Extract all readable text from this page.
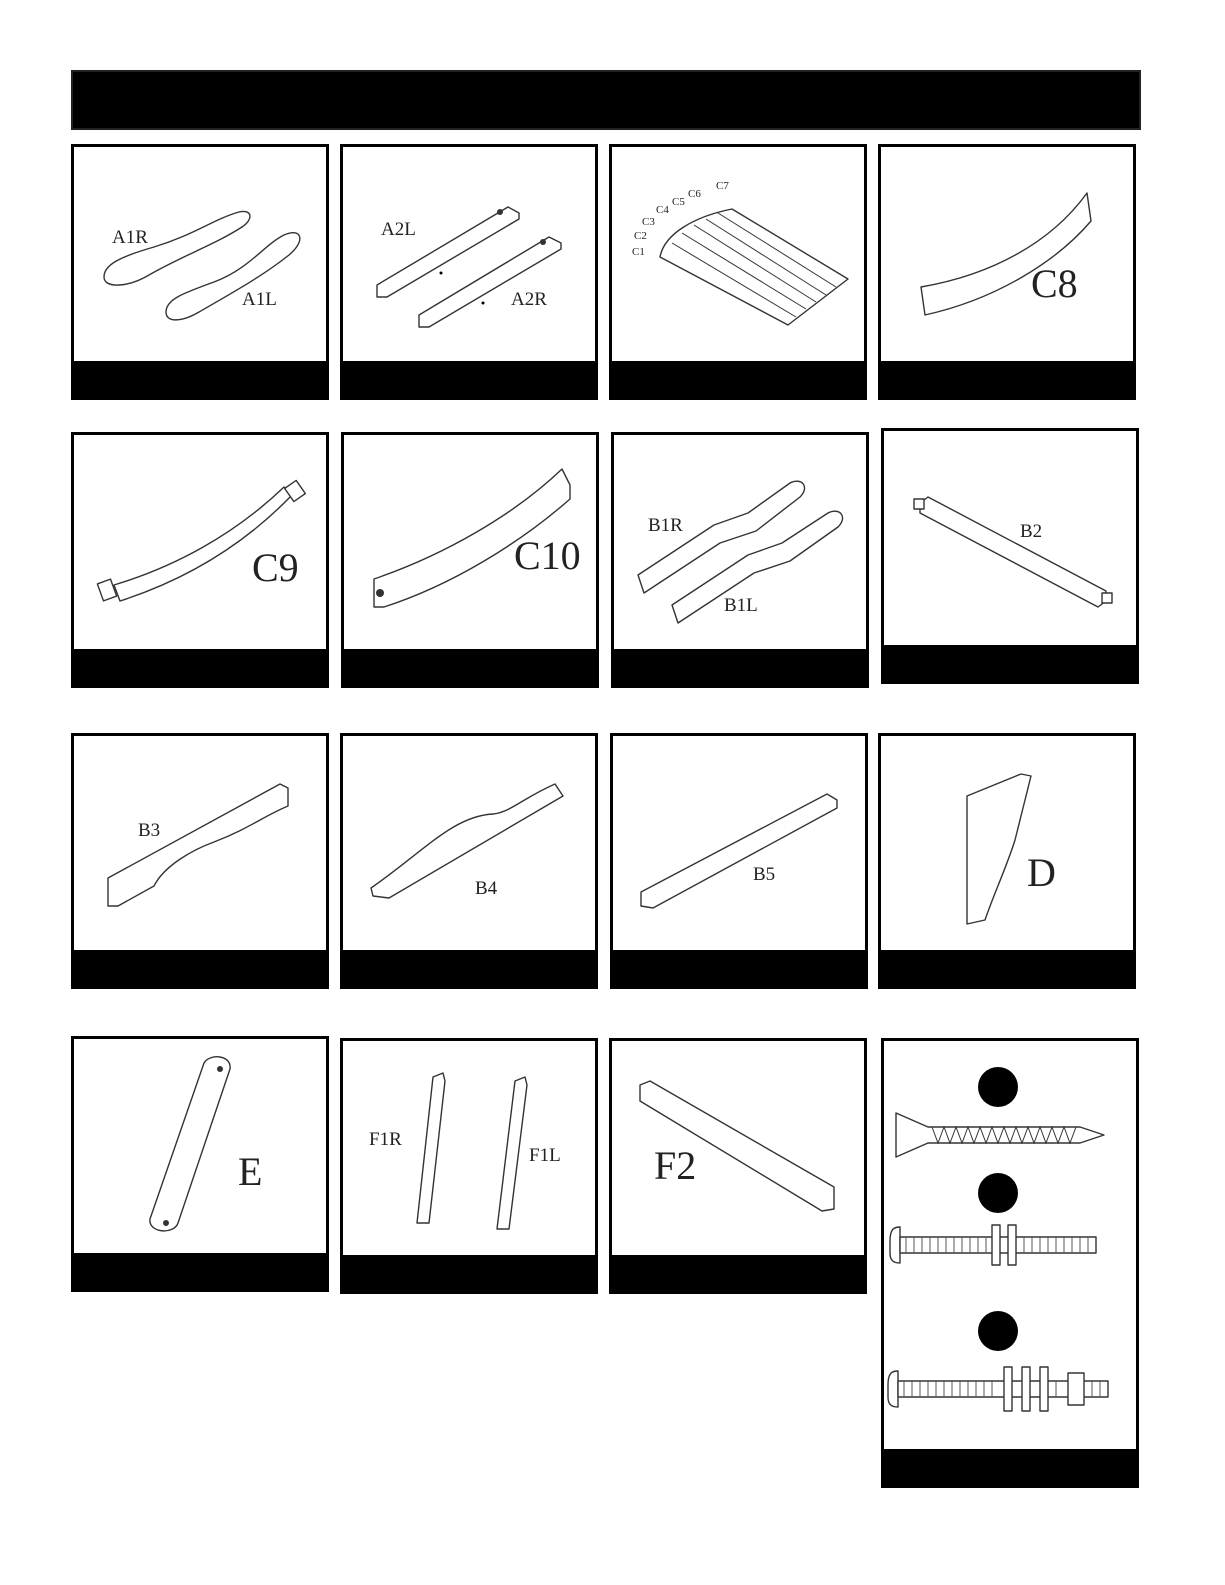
A1R
A1L
A2L
A2R
C7
C6
C5
C4
C3
C2
C1
C8
C9	C10
B1R
B1L
B2
B3
B4
B5	D
E
F1R
F1L F2
